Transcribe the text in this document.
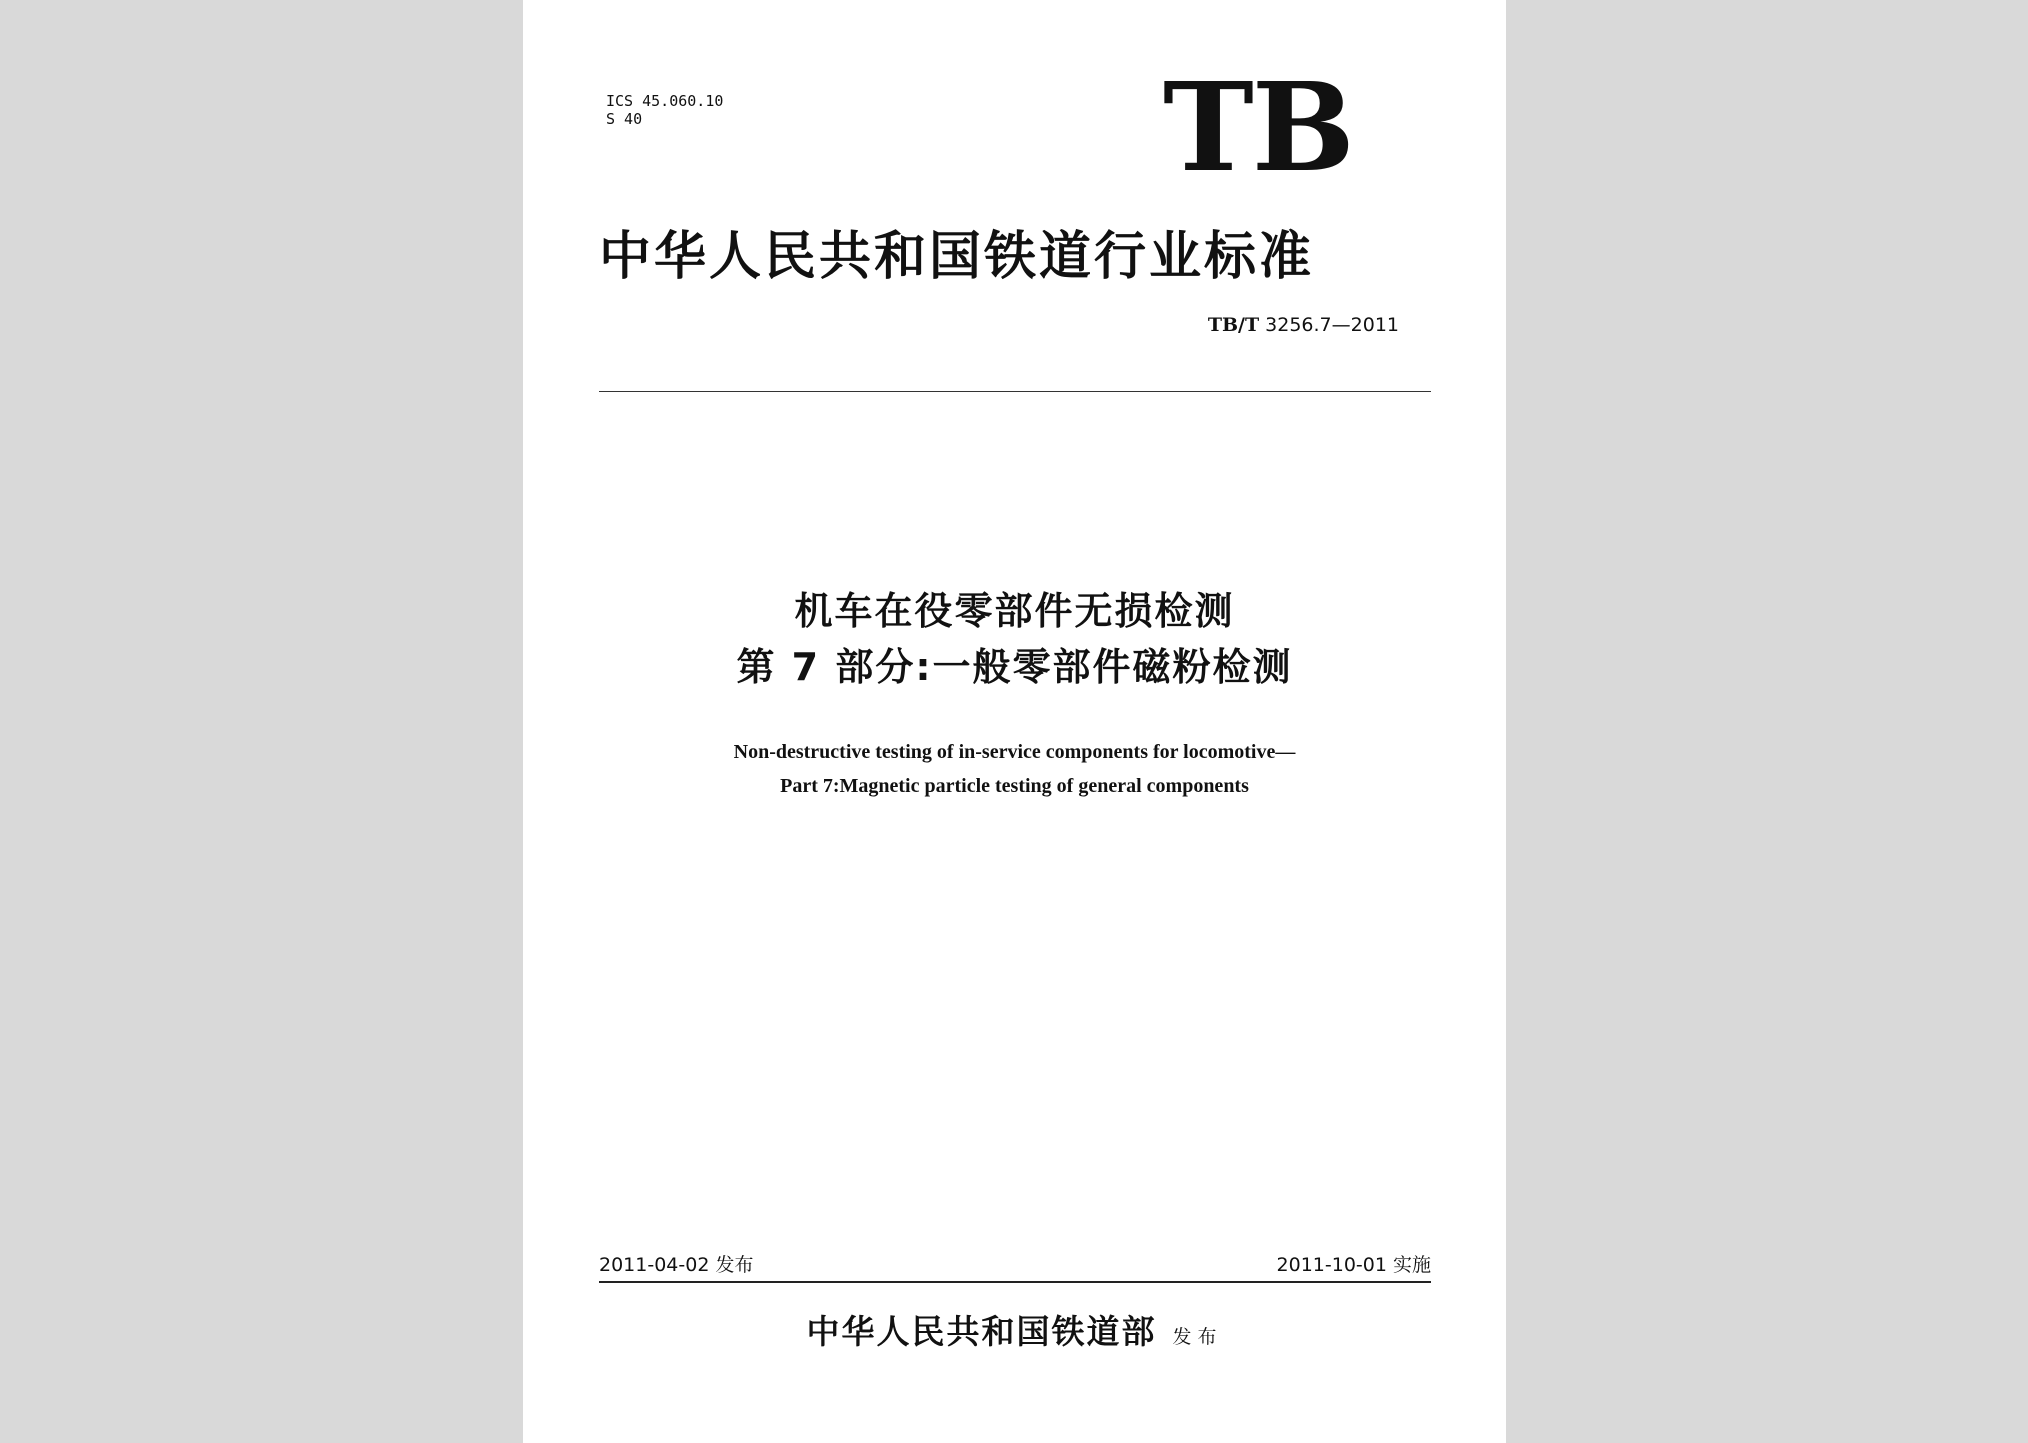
ICS 45.060.10
S 40	TB
中华人民共和国铁道行业标准
TB/T 3256.7—2011
机车在役零部件无损检测
第 7 部分:一般零部件磁粉检测
Non-destructive testing of in-service components for locomotive—
Part 7:Magnetic particle testing of general components
2011-04-02 发布	2011-10-01 实施
中华人民共和国铁道部 发布
